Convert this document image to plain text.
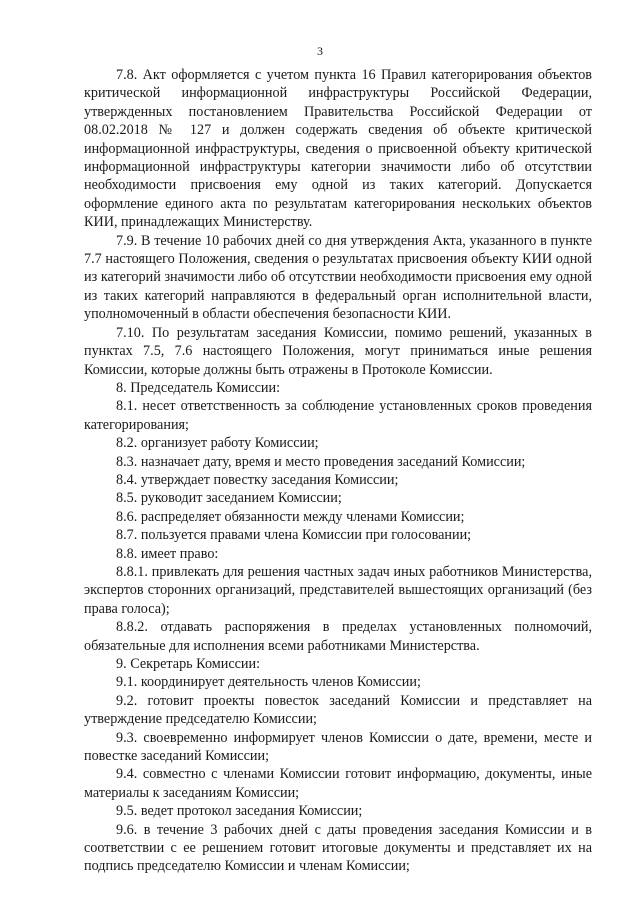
3

7.8. Акт оформляется с учетом пункта 16 Правил категорирования объектов критической информационной инфраструктуры Российской Федерации, утвержденных постановлением Правительства Российской Федерации от 08.02.2018 № 127 и должен содержать сведения об объекте критической информационной инфраструктуры, сведения о присвоенной объекту критической информационной инфраструктуры категории значимости либо об отсутствии необходимости присвоения ему одной из таких категорий. Допускается оформление единого акта по результатам категорирования нескольких объектов КИИ, принадлежащих Министерству.

7.9. В течение 10 рабочих дней со дня утверждения Акта, указанного в пункте 7.7 настоящего Положения, сведения о результатах присвоения объекту КИИ одной из категорий значимости либо об отсутствии необходимости присвоения ему одной из таких категорий направляются в федеральный орган исполнительной власти, уполномоченный в области обеспечения безопасности КИИ.

7.10. По результатам заседания Комиссии, помимо решений, указанных в пунктах 7.5, 7.6 настоящего Положения, могут приниматься иные решения Комиссии, которые должны быть отражены в Протоколе Комиссии.

8. Председатель Комиссии:

8.1. несет ответственность за соблюдение установленных сроков проведения категорирования;

8.2. организует работу Комиссии;

8.3. назначает дату, время и место проведения заседаний Комиссии;

8.4. утверждает повестку заседания Комиссии;

8.5. руководит заседанием Комиссии;

8.6. распределяет обязанности между членами Комиссии;

8.7. пользуется правами члена Комиссии при голосовании;

8.8. имеет право:

8.8.1. привлекать для решения частных задач иных работников Министерства, экспертов сторонних организаций, представителей вышестоящих организаций (без права голоса);

8.8.2. отдавать распоряжения в пределах установленных полномочий, обязательные для исполнения всеми работниками Министерства.

9. Секретарь Комиссии:

9.1. координирует деятельность членов Комиссии;

9.2. готовит проекты повесток заседаний Комиссии и представляет на утверждение председателю Комиссии;

9.3. своевременно информирует членов Комиссии о дате, времени, месте и повестке заседаний Комиссии;

9.4. совместно с членами Комиссии готовит информацию, документы, иные материалы к заседаниям Комиссии;

9.5. ведет протокол заседания Комиссии;

9.6. в течение 3 рабочих дней с даты проведения заседания Комиссии и в соответствии с ее решением готовит итоговые документы и представляет их на подпись председателю Комиссии и членам Комиссии;
